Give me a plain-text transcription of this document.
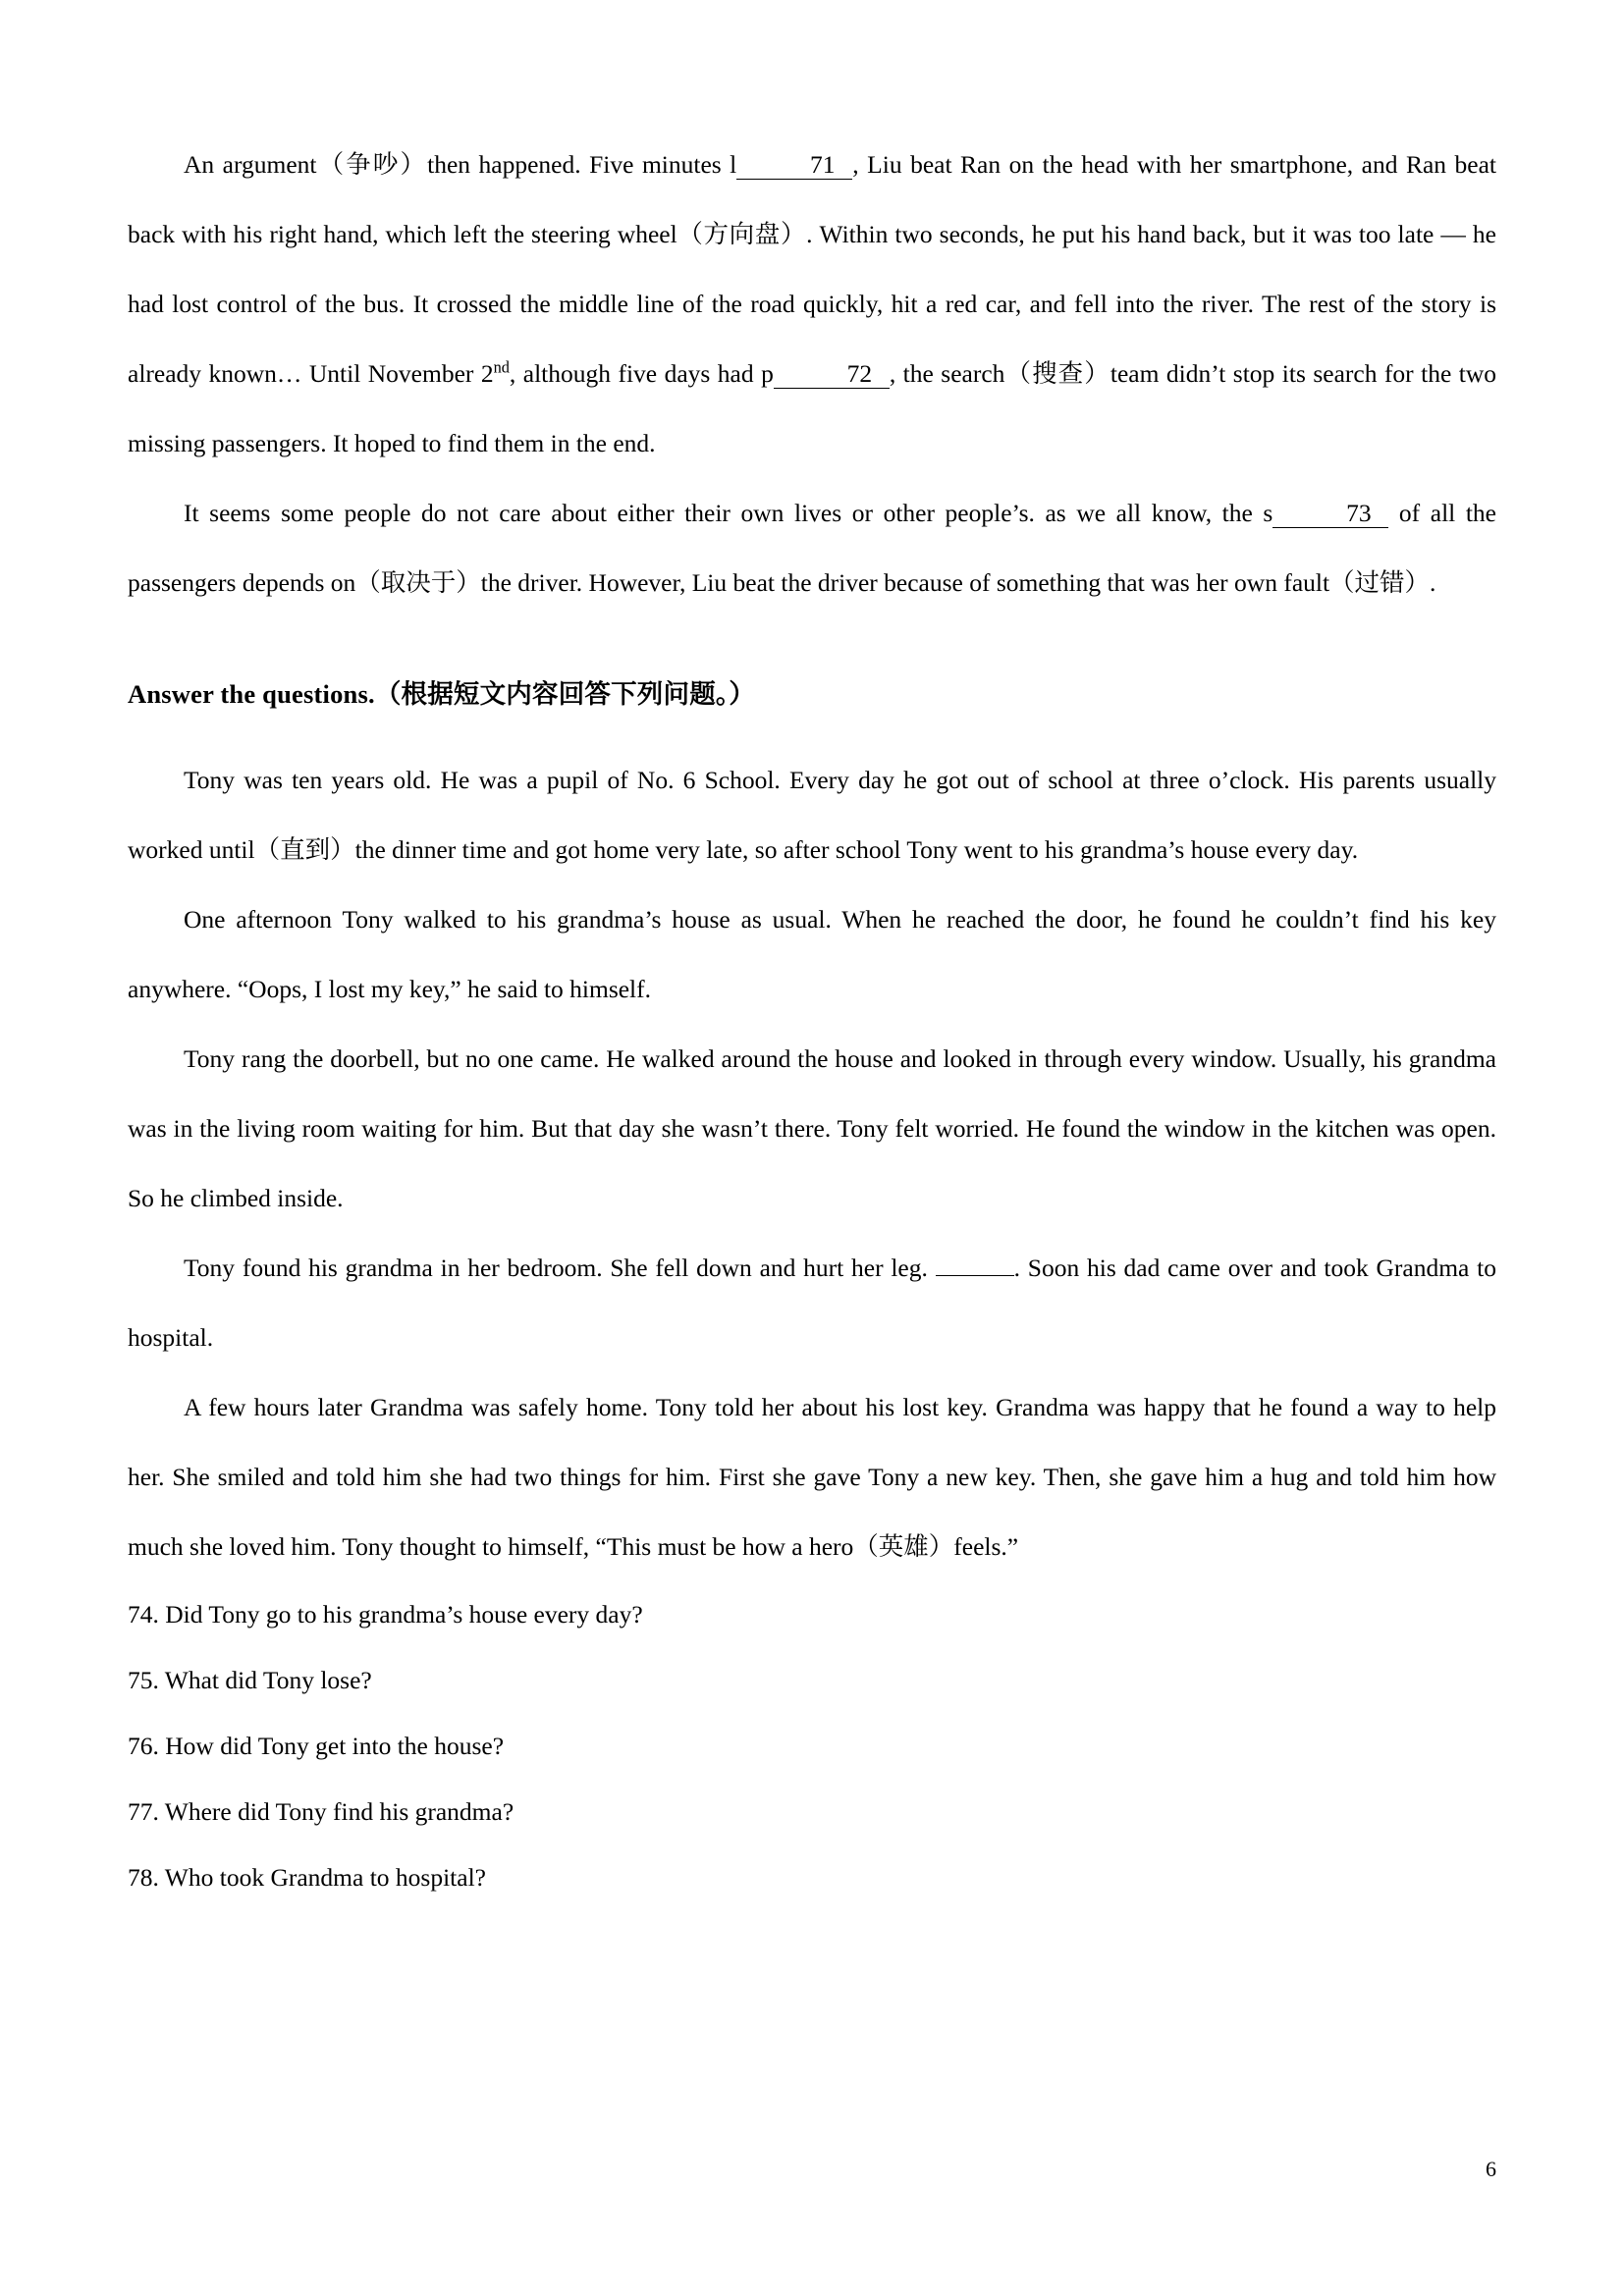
An argument（争吵）then happened. Five minutes l	71 , Liu beat Ran on the head with her smartphone, and Ran beat back with his right hand, which left the steering wheel（方向盘）. Within two seconds, he put his hand back, but it was too late — he had lost control of the bus. It crossed the middle line of the road quickly, hit a red car, and fell into the river. The rest of the story is already known… Until November 2nd, although five days had p	72 , the search（搜查）team didn’t stop its search for the two missing passengers. It hoped to find them in the end.

It seems some people do not care about either their own lives or other people’s. as we all know, the s	73 of all the passengers depends on（取决于）the driver. However, Liu beat the driver because of something that was her own fault（过错）.

Answer the questions.（根据短文内容回答下列问题。）

Tony was ten years old. He was a pupil of No. 6 School. Every day he got out of school at three o’clock. His parents usually worked until（直到）the dinner time and got home very late, so after school Tony went to his grandma’s house every day.

One afternoon Tony walked to his grandma’s house as usual. When he reached the door, he found he couldn’t find his key anywhere. “Oops, I lost my key,” he said to himself.

Tony rang the doorbell, but no one came. He walked around the house and looked in through every window. Usually, his grandma was in the living room waiting for him. But that day she wasn’t there. Tony felt worried. He found the window in the kitchen was open. So he climbed inside.

Tony found his grandma in her bedroom. She fell down and hurt her leg.	. Soon his dad came over and took Grandma to hospital.

A few hours later Grandma was safely home. Tony told her about his lost key. Grandma was happy that he found a way to help her. She smiled and told him she had two things for him. First she gave Tony a new key. Then, she gave him a hug and told him how much she loved him. Tony thought to himself, “This must be how a hero（英雄）feels.”

74. Did Tony go to his grandma’s house every day?

75. What did Tony lose?

76. How did Tony get into the house?

77. Where did Tony find his grandma?

78. Who took Grandma to hospital?

6
